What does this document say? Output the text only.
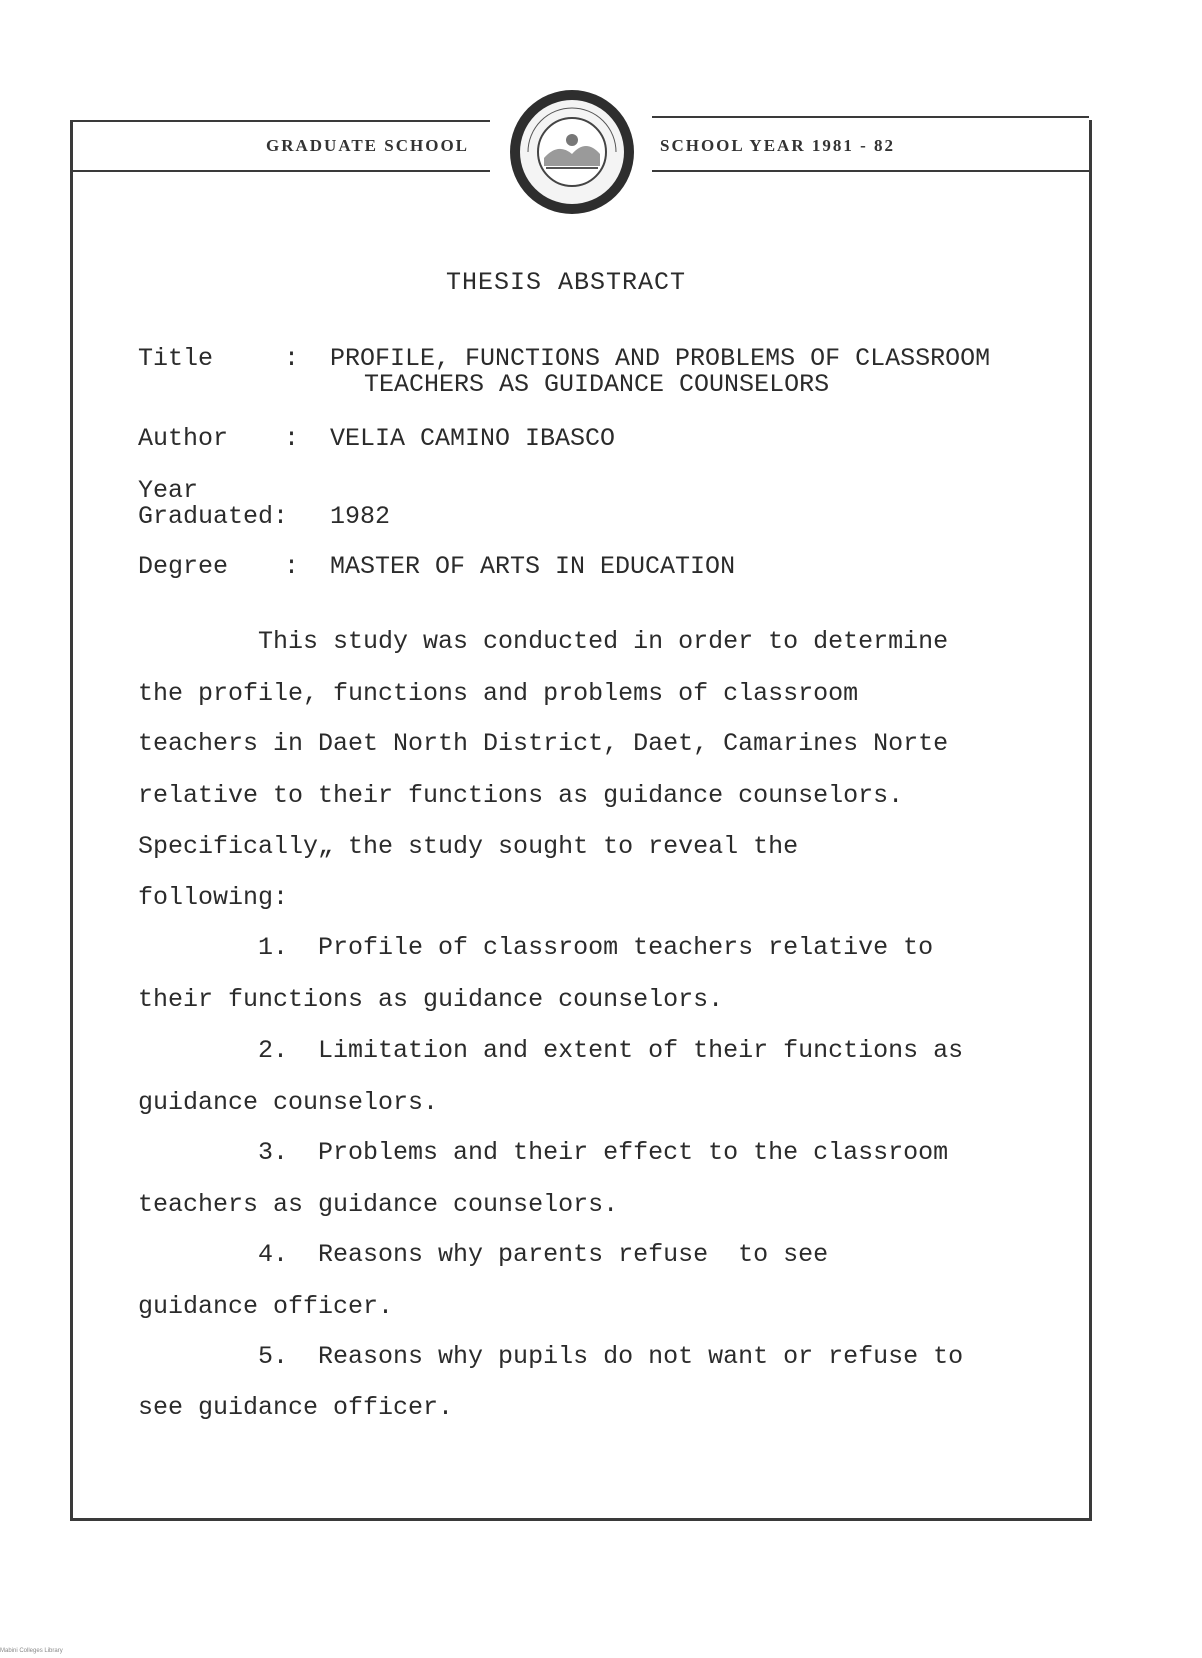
GRADUATE SCHOOL	SCHOOL YEAR 1981 - 82
THESIS ABSTRACT
Title	: PROFILE, FUNCTIONS AND PROBLEMS OF CLASSROOM
TEACHERS AS GUIDANCE COUNSELORS
Author : VELIA CAMINO IBASCO
Year
Graduated: 1982
Degree : MASTER OF ARTS IN EDUCATION
This study was conducted in order to determine
the profile, functions and problems of classroom
teachers in Daet North District, Daet, Camarines Norte
relative to their functions as guidance counselors.
Specifically„ the study sought to reveal the
following:
1.  Profile of classroom teachers relative to
their functions as guidance counselors.
2.  Limitation and extent of their functions as
guidance counselors.
3.  Problems and their effect to the classroom
teachers as guidance counselors.
4.  Reasons why parents refuse  to see
guidance officer.
5.  Reasons why pupils do not want or refuse to
see guidance officer.
Mabini Colleges Library
